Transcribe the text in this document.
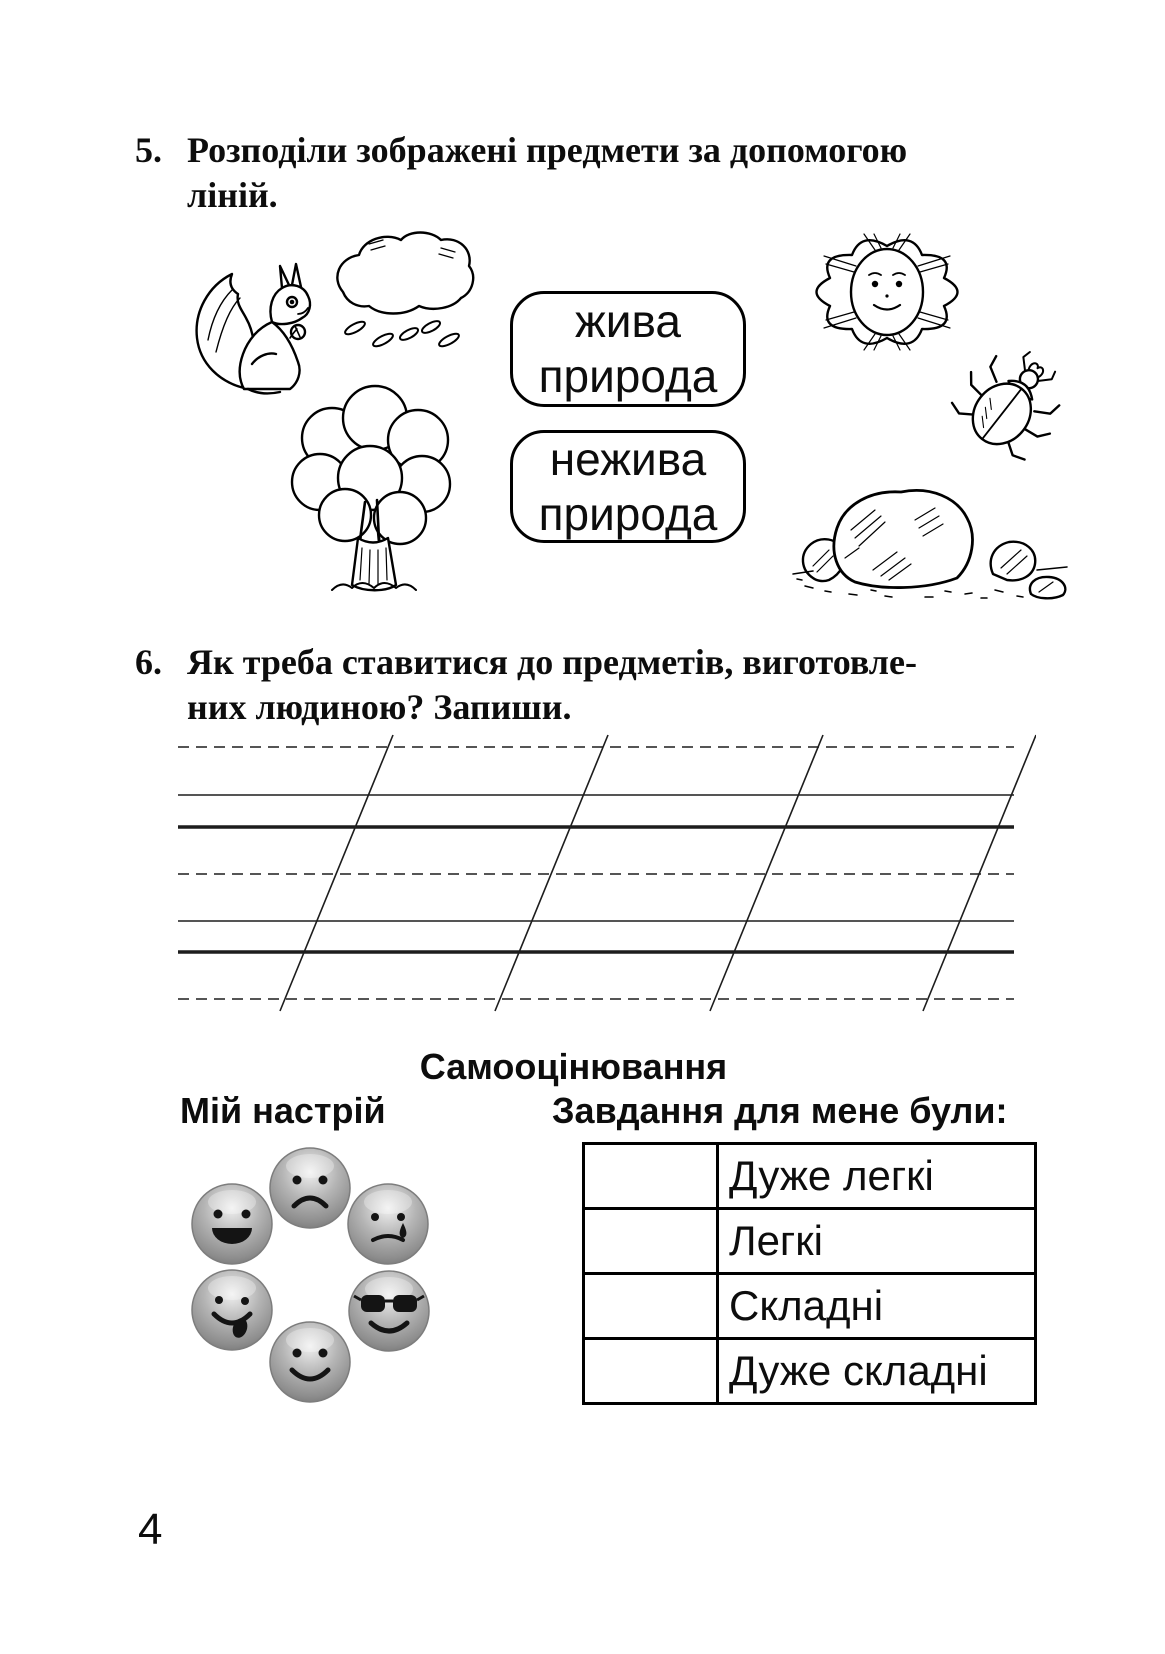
5. Розподіли зображені предмети за допомогою
ліній.
жива
природа
нежива
природа
6. Як треба ставитися до предметів, виготовле-
них людиною? Запиши.
Самооцінювання
Мій настрій	Завдання для мене були:
Дуже легкі
Легкі
Складні
Дуже складні
4
